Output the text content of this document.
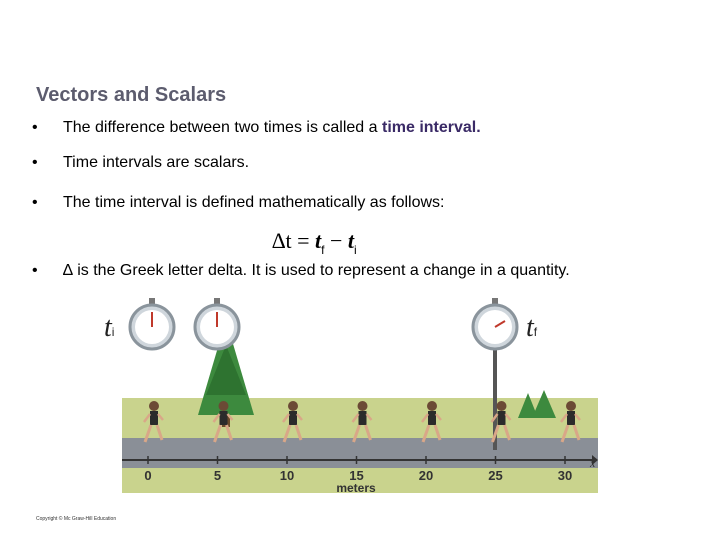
Vectors and Scalars
• The difference between two times is called a time interval.
• Time intervals are scalars.
• The time interval is defined mathematically as follows:
$\Delta t = t_f - t_i$
• ∆ is the Greek letter delta. It is used to represent a change in a quantity.
0	5	10	15	20	25	30
meters
x
ti	tf
Copyright © Mc Graw-Hill Education
